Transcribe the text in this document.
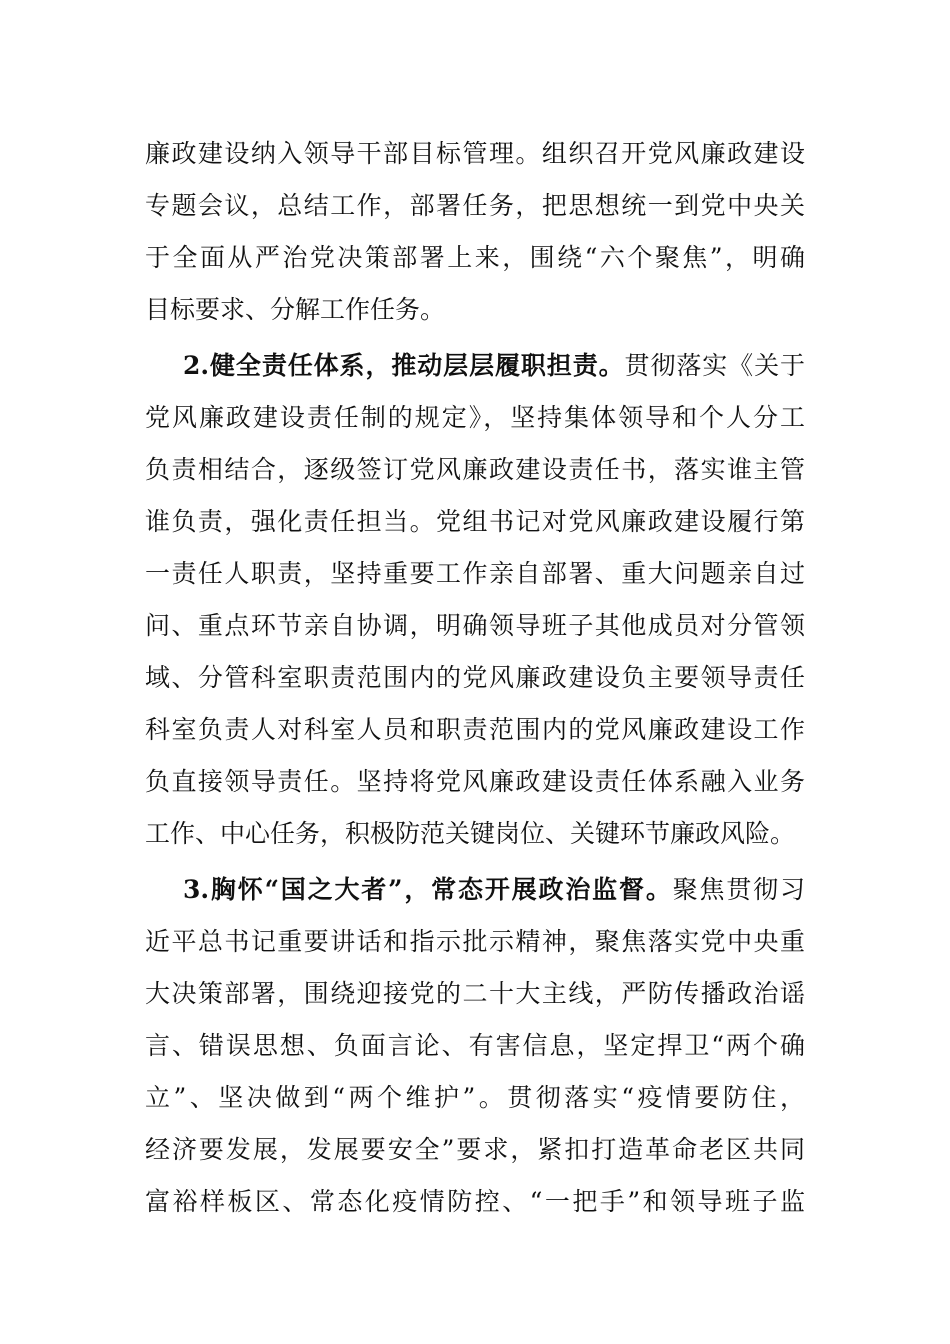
廉政建设纳入领导干部目标管理。组织召开党风廉政建设
专题会议，总结工作，部署任务，把思想统一到党中央关
于全面从严治党决策部署上来，围绕“六个聚焦”，明确
目标要求、分解工作任务。
2.健全责任体系，推动层层履职担责。贯彻落实《关于
党风廉政建设责任制的规定》，坚持集体领导和个人分工
负责相结合，逐级签订党风廉政建设责任书，落实谁主管
谁负责，强化责任担当。党组书记对党风廉政建设履行第
一责任人职责，坚持重要工作亲自部署、重大问题亲自过
问、重点环节亲自协调，明确领导班子其他成员对分管领
域、分管科室职责范围内的党风廉政建设负主要领导责任
科室负责人对科室人员和职责范围内的党风廉政建设工作
负直接领导责任。坚持将党风廉政建设责任体系融入业务
工作、中心任务，积极防范关键岗位、关键环节廉政风险。
3.胸怀“国之大者”，常态开展政治监督。聚焦贯彻习
近平总书记重要讲话和指示批示精神，聚焦落实党中央重
大决策部署，围绕迎接党的二十大主线，严防传播政治谣
言、错误思想、负面言论、有害信息，坚定捍卫“两个确
立”、坚决做到“两个维护”。贯彻落实“疫情要防住，
经济要发展，发展要安全”要求，紧扣打造革命老区共同
富裕样板区、常态化疫情防控、“一把手”和领导班子监
